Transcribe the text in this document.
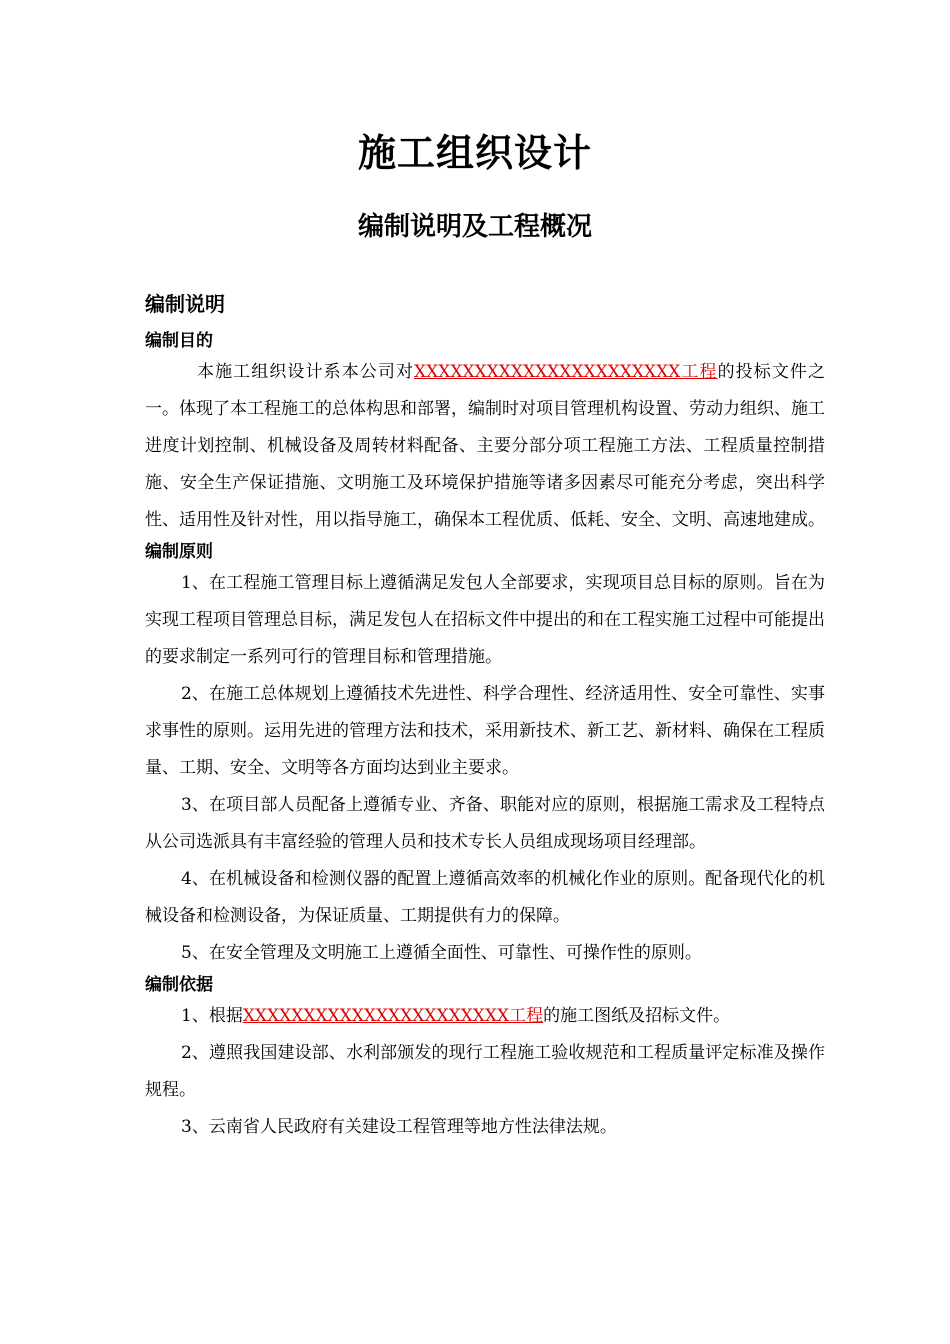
施工组织设计
编制说明及工程概况
编制说明
编制目的

本施工组织设计系本公司对XXXXXXXXXXXXXXXXXXXXXX工程的投标文件之一。体现了本工程施工的总体构思和部署，编制时对项目管理机构设置、劳动力组织、施工进度计划控制、机械设备及周转材料配备、主要分部分项工程施工方法、工程质量控制措施、安全生产保证措施、文明施工及环境保护措施等诸多因素尽可能充分考虑，突出科学性、适用性及针对性，用以指导施工，确保本工程优质、低耗、安全、文明、高速地建成。

编制原则

1、在工程施工管理目标上遵循满足发包人全部要求，实现项目总目标的原则。旨在为实现工程项目管理总目标，满足发包人在招标文件中提出的和在工程实施工过程中可能提出的要求制定一系列可行的管理目标和管理措施。

2、在施工总体规划上遵循技术先进性、科学合理性、经济适用性、安全可靠性、实事求事性的原则。运用先进的管理方法和技术，采用新技术、新工艺、新材料、确保在工程质量、工期、安全、文明等各方面均达到业主要求。

3、在项目部人员配备上遵循专业、齐备、职能对应的原则，根据施工需求及工程特点从公司选派具有丰富经验的管理人员和技术专长人员组成现场项目经理部。

4、在机械设备和检测仪器的配置上遵循高效率的机械化作业的原则。配备现代化的机械设备和检测设备，为保证质量、工期提供有力的保障。

5、在安全管理及文明施工上遵循全面性、可靠性、可操作性的原则。

编制依据

1、根据XXXXXXXXXXXXXXXXXXXXXX工程的施工图纸及招标文件。

2、遵照我国建设部、水利部颁发的现行工程施工验收规范和工程质量评定标准及操作规程。

3、云南省人民政府有关建设工程管理等地方性法律法规。
